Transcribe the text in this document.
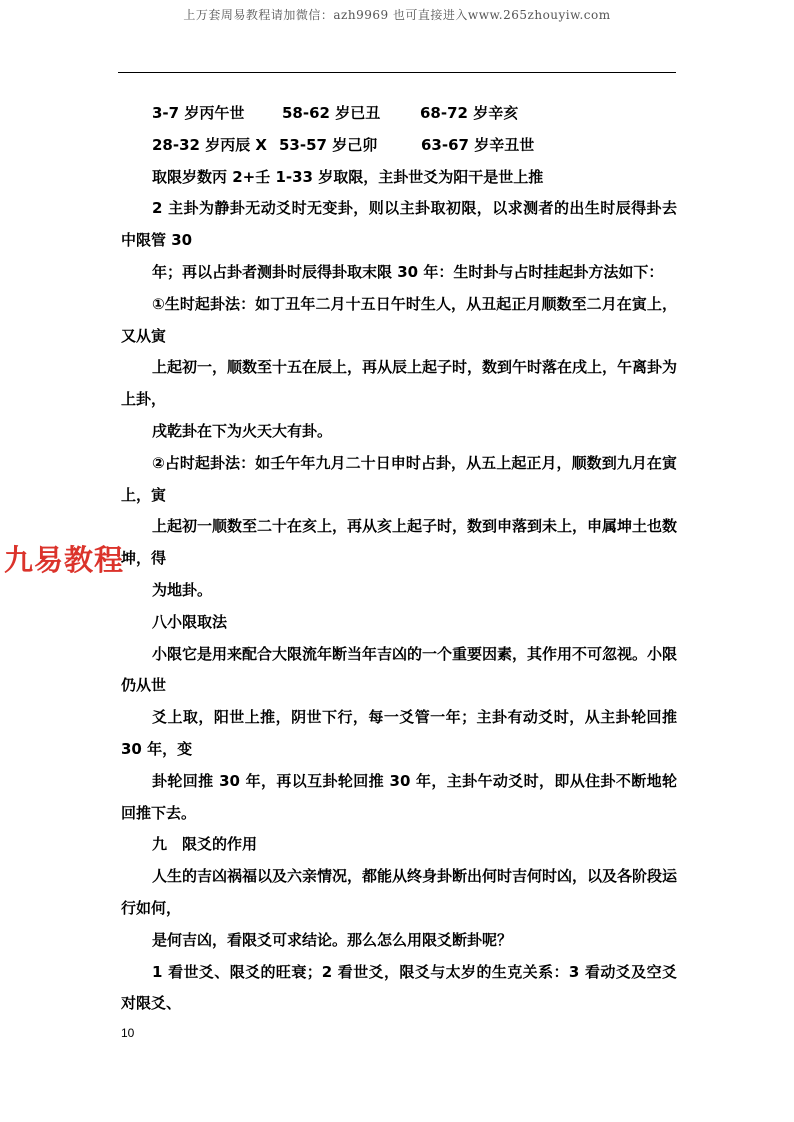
上万套周易教程请加微信：azh9969 也可直接进入www.265zhouyiw.com

3-7 岁丙午世	58-62 岁已丑	68-72 岁辛亥

28-32 岁丙辰 X 53-57 岁己卯	63-67 岁辛丑世

取限岁数丙 2+壬 1-33 岁取限，主卦世爻为阳干是世上推

2 主卦为静卦无动爻时无变卦，则以主卦取初限，以求测者的出生时辰得卦去中限管 30

年；再以占卦者测卦时辰得卦取末限 30 年：生时卦与占时挂起卦方法如下：

①生时起卦法：如丁丑年二月十五日午时生人，从丑起正月顺数至二月在寅上，又从寅

上起初一，顺数至十五在辰上，再从辰上起子时，数到午时落在戌上，午离卦为上卦，

戌乾卦在下为火天大有卦。

②占时起卦法：如壬午年九月二十日申时占卦，从五上起正月，顺数到九月在寅上，寅

上起初一顺数至二十在亥上，再从亥上起子时，数到申落到未上，申属坤土也数坤，得

为地卦。

八小限取法

小限它是用来配合大限流年断当年吉凶的一个重要因素，其作用不可忽视。小限仍从世

爻上取，阳世上推，阴世下行，每一爻管一年；主卦有动爻时，从主卦轮回推 30 年，变

卦轮回推 30 年，再以互卦轮回推 30 年，主卦午动爻时，即从住卦不断地轮回推下去。

九　限爻的作用

人生的吉凶祸福以及六亲情况，都能从终身卦断出何时吉何时凶，以及各阶段运行如何，

是何吉凶，看限爻可求结论。那么怎么用限爻断卦呢？

1 看世爻、限爻的旺衰；2 看世爻，限爻与太岁的生克关系：3 看动爻及空爻对限爻、

九易教程
10
